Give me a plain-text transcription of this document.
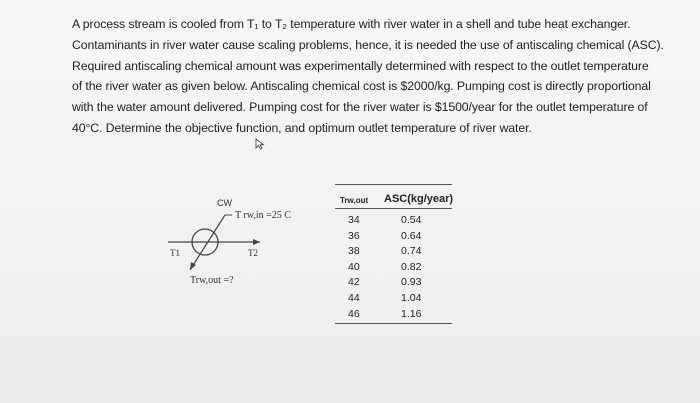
A process stream is cooled from T₁ to T₂ temperature with river water in a shell and tube heat exchanger.

Contaminants in river water cause scaling problems, hence, it is needed the use of antiscaling chemical (ASC).

Required antiscaling chemical amount was experimentally determined with respect to the outlet temperature

of the river water as given below. Antiscaling chemical cost is $2000/kg. Pumping cost is directly proportional

with the water amount delivered. Pumping cost for the river water is $1500/year for the outlet temperature of

40°C. Determine the objective function, and optimum outlet temperature of river water.

CW
T rw,in =25 C
T1	T2
Trw,out =?
Trw,out ASC(kg/year)
34
36
38
40
42
44
46
0.54
0.64
0.74
0.82
0.93
1.04
1.16
